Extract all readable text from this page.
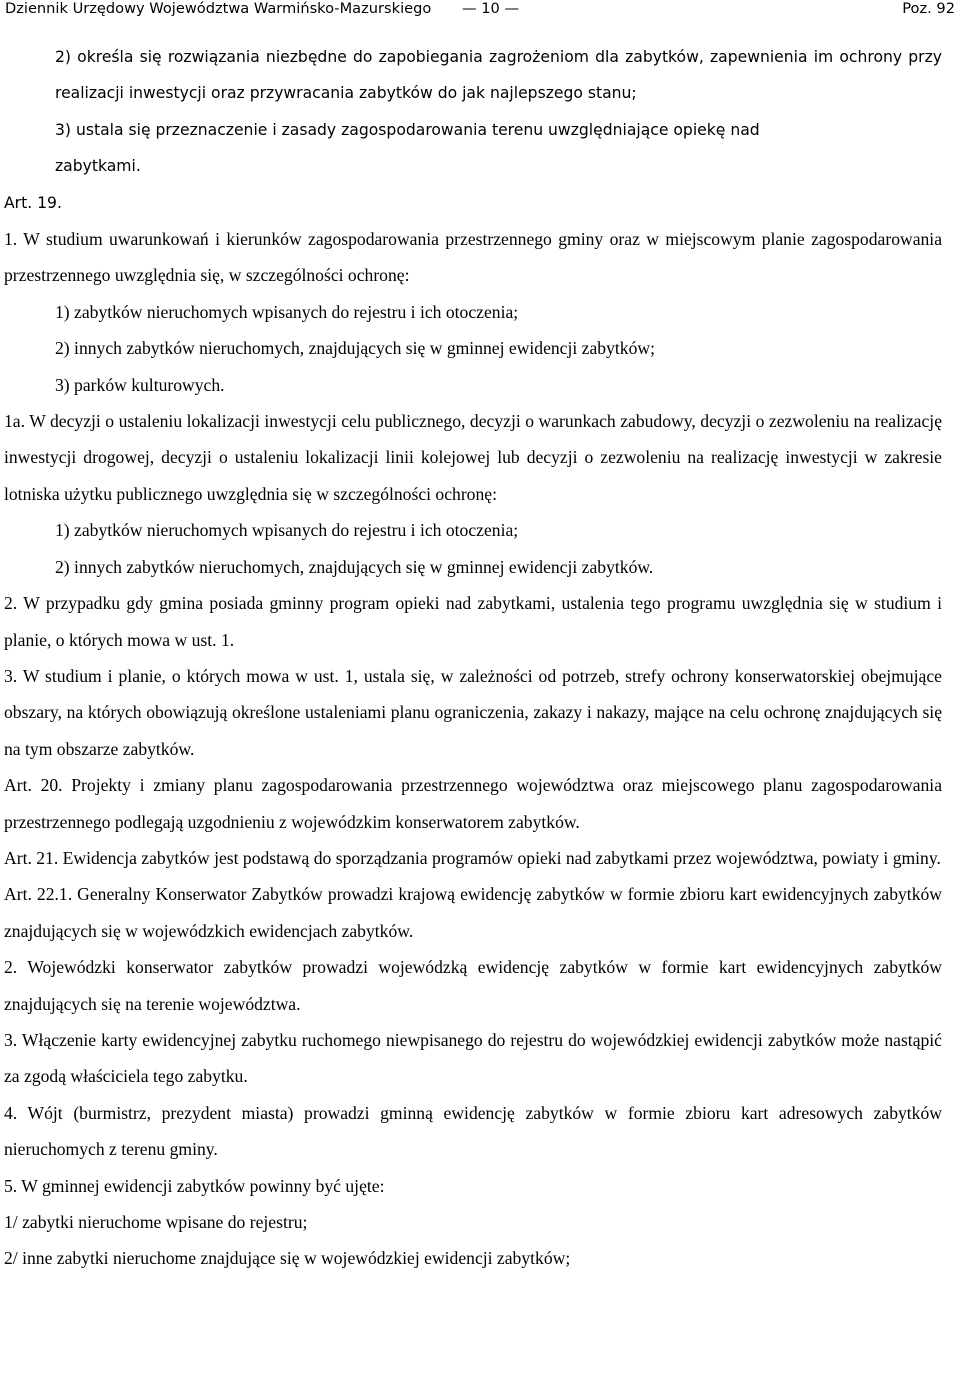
Dziennik Urzędowy Województwa Warmińsko-Mazurskiego — 10 —	Poz. 92

2) określa się rozwiązania niezbędne do zapobiegania zagrożeniom dla zabytków, zapewnienia im ochrony przy realizacji inwestycji oraz przywracania zabytków do jak najlepszego stanu;

3) ustala się przeznaczenie i zasady zagospodarowania terenu uwzględniające opiekę nad zabytkami.

Art. 19.

1. W studium uwarunkowań i kierunków zagospodarowania przestrzennego gminy oraz w miejscowym planie zagospodarowania przestrzennego uwzględnia się, w szczególności ochronę:

1) zabytków nieruchomych wpisanych do rejestru i ich otoczenia;

2) innych zabytków nieruchomych, znajdujących się w gminnej ewidencji zabytków;

3) parków kulturowych.

1a. W decyzji o ustaleniu lokalizacji inwestycji celu publicznego, decyzji o warunkach zabudowy, decyzji o zezwoleniu na realizację inwestycji drogowej, decyzji o ustaleniu lokalizacji linii kolejowej lub decyzji o zezwoleniu na realizację inwestycji w zakresie lotniska użytku publicznego uwzględnia się w szczególności ochronę:

1) zabytków nieruchomych wpisanych do rejestru i ich otoczenia;

2) innych zabytków nieruchomych, znajdujących się w gminnej ewidencji zabytków.

2. W przypadku gdy gmina posiada gminny program opieki nad zabytkami, ustalenia tego programu uwzględnia się w studium i planie, o których mowa w ust. 1.

3. W studium i planie, o których mowa w ust. 1, ustala się, w zależności od potrzeb, strefy ochrony konserwatorskiej obejmujące obszary, na których obowiązują określone ustaleniami planu ograniczenia, zakazy i nakazy, mające na celu ochronę znajdujących się na tym obszarze zabytków.

Art. 20. Projekty i zmiany planu zagospodarowania przestrzennego województwa oraz miejscowego planu zagospodarowania przestrzennego podlegają uzgodnieniu z wojewódzkim konserwatorem zabytków.

Art. 21. Ewidencja zabytków jest podstawą do sporządzania programów opieki nad zabytkami przez województwa, powiaty i gminy.

Art. 22.1. Generalny Konserwator Zabytków prowadzi krajową ewidencję zabytków w formie zbioru kart ewidencyjnych zabytków znajdujących się w wojewódzkich ewidencjach zabytków.

2. Wojewódzki konserwator zabytków prowadzi wojewódzką ewidencję zabytków w formie kart ewidencyjnych zabytków znajdujących się na terenie województwa.

3. Włączenie karty ewidencyjnej zabytku ruchomego niewpisanego do rejestru do wojewódzkiej ewidencji zabytków może nastąpić za zgodą właściciela tego zabytku.

4. Wójt (burmistrz, prezydent miasta) prowadzi gminną ewidencję zabytków w formie zbioru kart adresowych zabytków nieruchomych z terenu gminy.

5. W gminnej ewidencji zabytków powinny być ujęte:

1/ zabytki nieruchome wpisane do rejestru;

2/ inne zabytki nieruchome znajdujące się w wojewódzkiej ewidencji zabytków;
